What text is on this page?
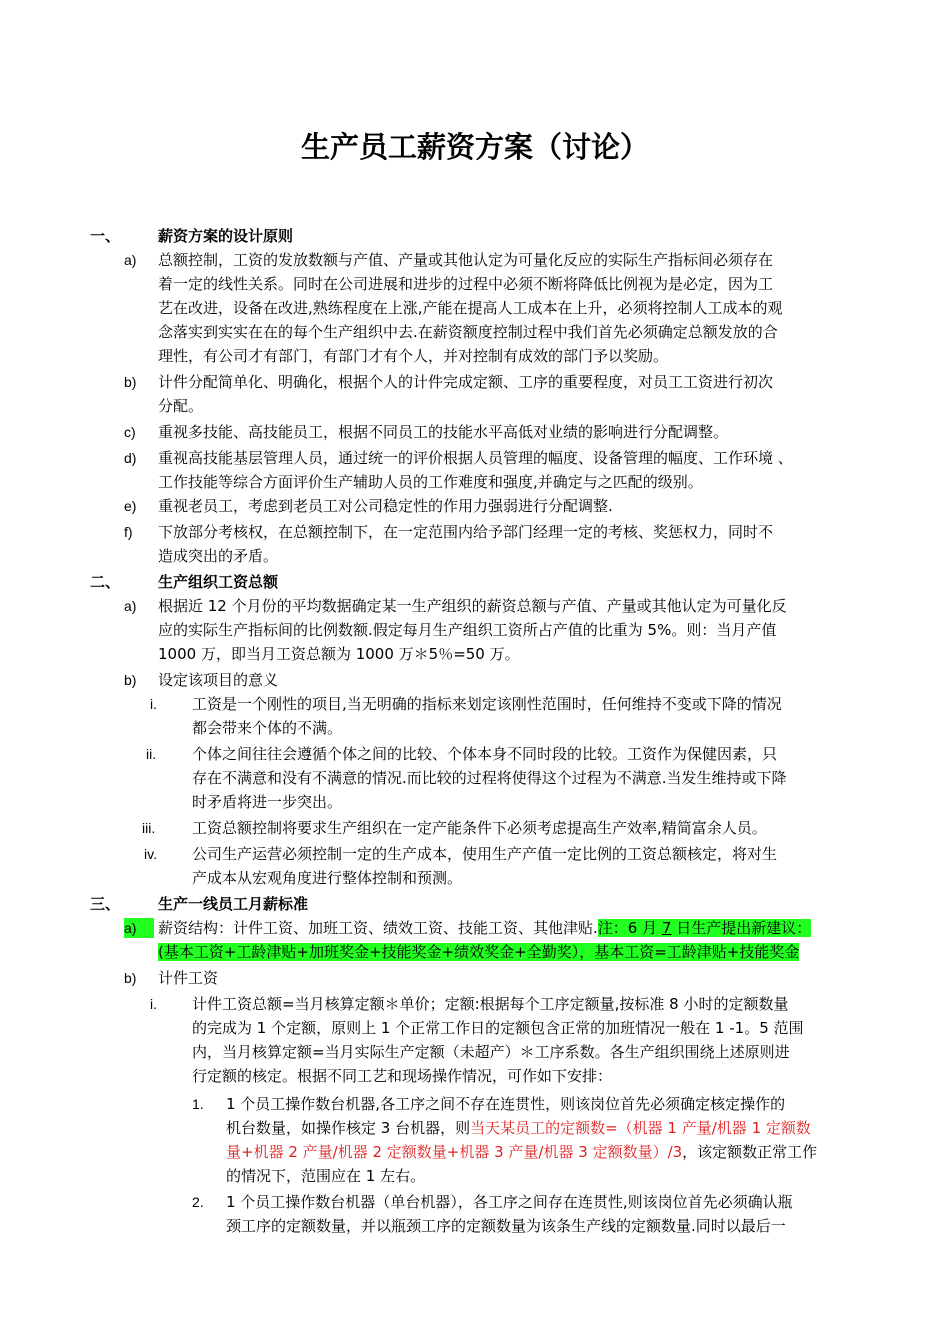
生产员工薪资方案（讨论）
一、	薪资方案的设计原则
a) 总额控制，工资的发放数额与产值、产量或其他认定为可量化反应的实际生产指标间必须存在
着一定的线性关系。同时在公司进展和进步的过程中必须不断将降低比例视为是必定，因为工
艺在改进，设备在改进,熟练程度在上涨,产能在提高人工成本在上升，必须将控制人工成本的观
念落实到实实在在的每个生产组织中去.在薪资额度控制过程中我们首先必须确定总额发放的合
理性，有公司才有部门，有部门才有个人，并对控制有成效的部门予以奖励。
b) 计件分配简单化、明确化，根据个人的计件完成定额、工序的重要程度，对员工工资进行初次
分配。
c) 重视多技能、高技能员工，根据不同员工的技能水平高低对业绩的影响进行分配调整。
d) 重视高技能基层管理人员，通过统一的评价根据人员管理的幅度、设备管理的幅度、工作环境 、
工作技能等综合方面评价生产辅助人员的工作难度和强度,并确定与之匹配的级别。
e) 重视老员工，考虑到老员工对公司稳定性的作用力强弱进行分配调整.
f) 下放部分考核权，在总额控制下，在一定范围内给予部门经理一定的考核、奖惩权力，同时不
造成突出的矛盾。
二、	生产组织工资总额
a) 根据近 12 个月份的平均数据确定某一生产组织的薪资总额与产值、产量或其他认定为可量化反
应的实际生产指标间的比例数额.假定每月生产组织工资所占产值的比重为 5%。则：当月产值
1000 万，即当月工资总额为 1000 万＊5％=50 万。
b) 设定该项目的意义
i. 工资是一个刚性的项目,当无明确的指标来划定该刚性范围时，任何维持不变或下降的情况
都会带来个体的不满。
ii. 个体之间往往会遵循个体之间的比较、个体本身不同时段的比较。工资作为保健因素，只
存在不满意和没有不满意的情况.而比较的过程将使得这个过程为不满意.当发生维持或下降
时矛盾将进一步突出。
iii. 工资总额控制将要求生产组织在一定产能条件下必须考虑提高生产效率,精简富余人员。
iv. 公司生产运营必须控制一定的生产成本，使用生产产值一定比例的工资总额核定，将对生
产成本从宏观角度进行整体控制和预测。
三、	生产一线员工月薪标准
a)	薪资结构：计件工资、加班工资、绩效工资、技能工资、其他津贴.注：6 月 7 日生产提出新建议：
(基本工资+工龄津贴+加班奖金+技能奖金+绩效奖金+全勤奖），基本工资=工龄津贴+技能奖金
b) 计件工资
i. 计件工资总额=当月核算定额＊单价；定额:根据每个工序定额量,按标准 8 小时的定额数量
的完成为 1 个定额，原则上 1 个正常工作日的定额包含正常的加班情况一般在 1 -1。5 范围
内，当月核算定额=当月实际生产定额（未超产）＊工序系数。各生产组织围绕上述原则进
行定额的核定。根据不同工艺和现场操作情况，可作如下安排：
1. 1 个员工操作数台机器,各工序之间不存在连贯性，则该岗位首先必须确定核定操作的
机台数量，如操作核定 3 台机器，则当天某员工的定额数=（机器 1 产量/机器 1 定额数
量+机器 2 产量/机器 2 定额数量+机器 3 产量/机器 3 定额数量）/3，该定额数正常工作
的情况下，范围应在 1 左右。
2. 1 个员工操作数台机器（单台机器），各工序之间存在连贯性,则该岗位首先必须确认瓶
颈工序的定额数量，并以瓶颈工序的定额数量为该条生产线的定额数量.同时以最后一
